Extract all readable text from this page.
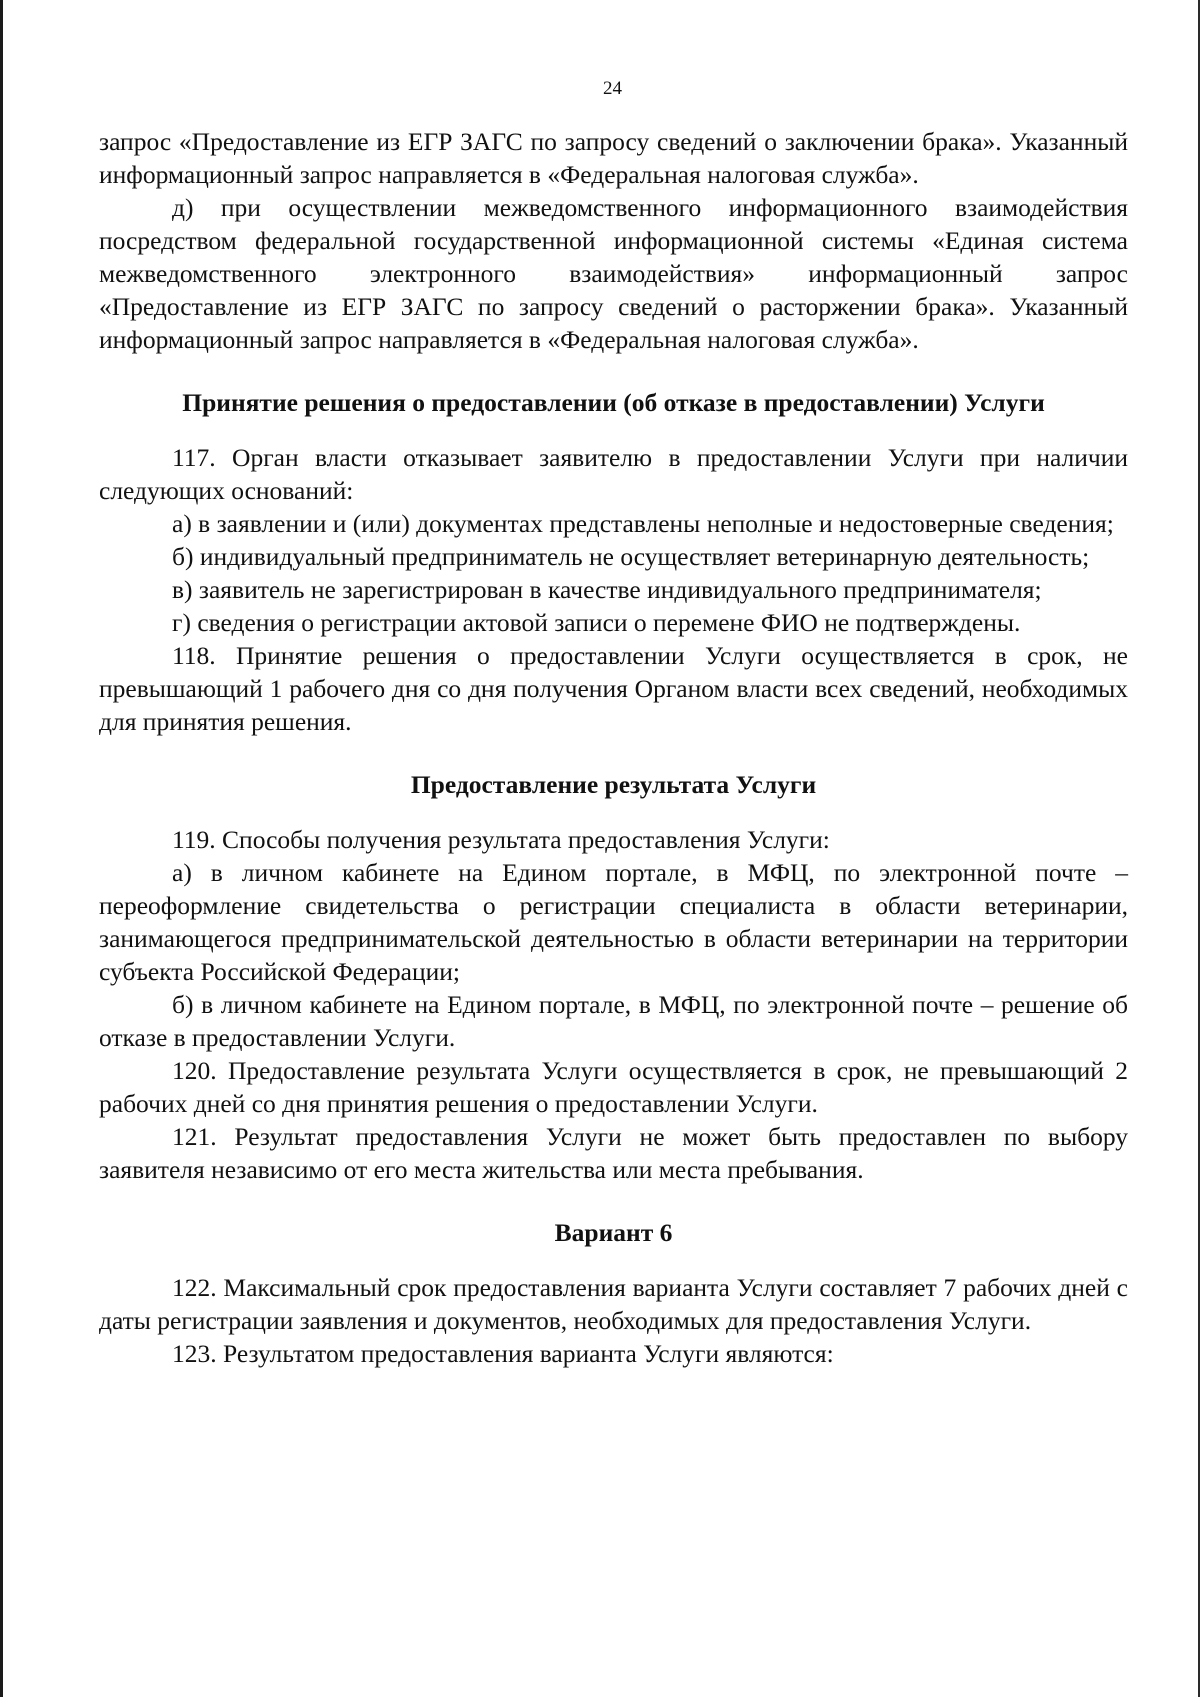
24

запрос «Предоставление из ЕГР ЗАГС по запросу сведений о заключении брака». Указанный информационный запрос направляется в «Федеральная налоговая служба».

д) при осуществлении межведомственного информационного взаимодействия посредством федеральной государственной информационной системы «Единая система межведомственного электронного взаимодействия» информационный запрос «Предоставление из ЕГР ЗАГС по запросу сведений о расторжении брака». Указанный информационный запрос направляется в «Федеральная налоговая служба».

Принятие решения о предоставлении (об отказе в предоставлении) Услуги

117. Орган власти отказывает заявителю в предоставлении Услуги при наличии следующих оснований:

а) в заявлении и (или) документах представлены неполные и недостоверные сведения;

б) индивидуальный предприниматель не осуществляет ветеринарную деятельность;

в) заявитель не зарегистрирован в качестве индивидуального предпринимателя;

г) сведения о регистрации актовой записи о перемене ФИО не подтверждены.

118. Принятие решения о предоставлении Услуги осуществляется в срок, не превышающий 1 рабочего дня со дня получения Органом власти всех сведений, необходимых для принятия решения.

Предоставление результата Услуги

119. Способы получения результата предоставления Услуги:

а) в личном кабинете на Едином портале, в МФЦ, по электронной почте – переоформление свидетельства о регистрации специалиста в области ветеринарии, занимающегося предпринимательской деятельностью в области ветеринарии на территории субъекта Российской Федерации;

б) в личном кабинете на Едином портале, в МФЦ, по электронной почте – решение об отказе в предоставлении Услуги.

120. Предоставление результата Услуги осуществляется в срок, не превышающий 2 рабочих дней со дня принятия решения о предоставлении Услуги.

121. Результат предоставления Услуги не может быть предоставлен по выбору заявителя независимо от его места жительства или места пребывания.

Вариант 6

122. Максимальный срок предоставления варианта Услуги составляет 7 рабочих дней с даты регистрации заявления и документов, необходимых для предоставления Услуги.

123. Результатом предоставления варианта Услуги являются:
